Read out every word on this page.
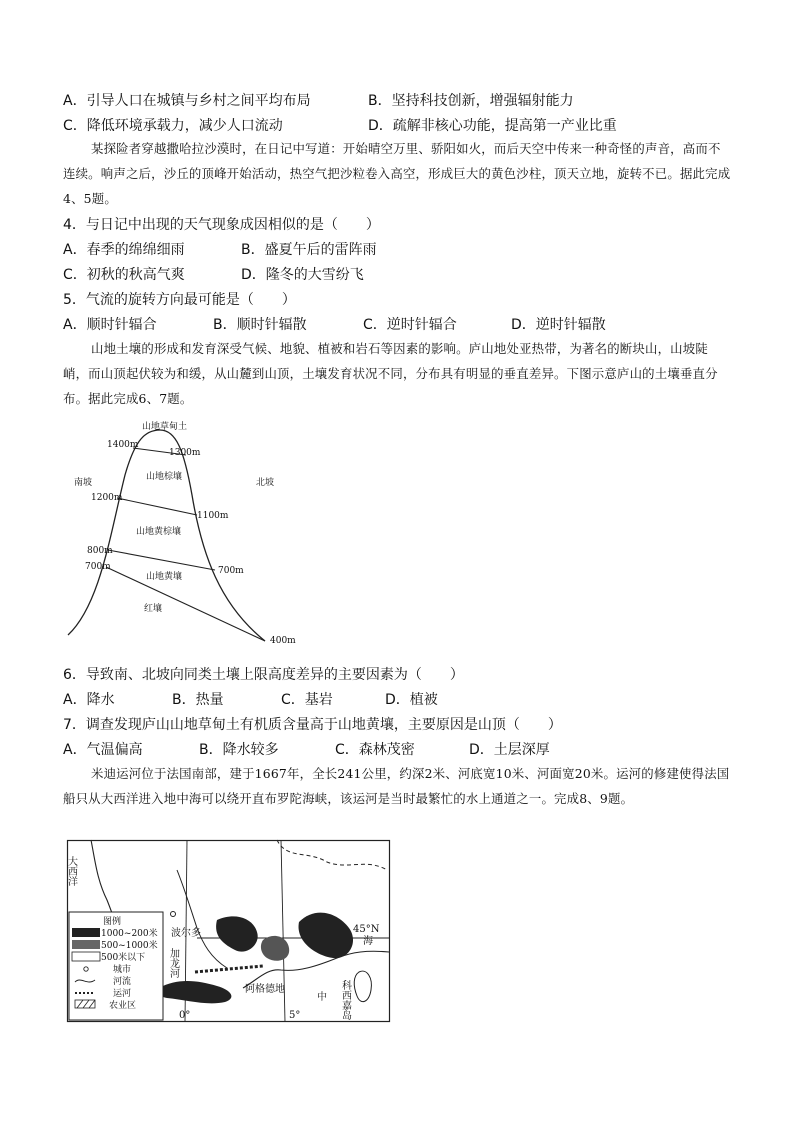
A．引导人口在城镇与乡村之间平均布局	B．坚持科技创新，增强辐射能力
C．降低环境承载力，减少人口流动	D．疏解非核心功能，提高第一产业比重
某探险者穿越撒哈拉沙漠时，在日记中写道：开始晴空万里、骄阳如火，而后天空中传来一种奇怪的声音，高而不连续。响声之后，沙丘的顶峰开始活动，热空气把沙粒卷入高空，形成巨大的黄色沙柱，顶天立地，旋转不已。据此完成4、5题。
4．与日记中出现的天气现象成因相似的是（　　）
A．春季的绵绵细雨	B．盛夏午后的雷阵雨
C．初秋的秋高气爽	D．隆冬的大雪纷飞
5．气流的旋转方向最可能是（　　）
A．顺时针辐合	B．顺时针辐散	C．逆时针辐合	D．逆时针辐散
山地土壤的形成和发育深受气候、地貌、植被和岩石等因素的影响。庐山地处亚热带，为著名的断块山，山坡陡峭，而山顶起伏较为和缓，从山麓到山顶，土壤发育状况不同，分布具有明显的垂直差异。下图示意庐山的土壤垂直分布。据此完成6、7题。
山地草甸土
南坡	北坡
山地棕壤
山地黄棕壤
山地黄壤
红壤
1400m
1200m
800m
700m
1300m
1100m
700m
400m
6．导致南、北坡向同类土壤上限高度差异的主要因素为（　　）
A．降水	B．热量	C．基岩	D．植被
7．调查发现庐山山地草甸土有机质含量高于山地黄壤，主要原因是山顶（　　）
A．气温偏高	B．降水较多	C．森林茂密	D．土层深厚
米迪运河位于法国南部，建于1667年，全长241公里，约深2米、河底宽10米、河面宽20米。运河的修建使得法国船只从大西洋进入地中海可以绕开直布罗陀海峡，该运河是当时最繁忙的水上通道之一。完成8、9题。
图例
1000~200米
500~1000米
500米以下
城市
河流
运河
农业区
大西洋
波尔多
加龙河
阿格德地
中
海
科西嘉岛
45°N
0°	5°
